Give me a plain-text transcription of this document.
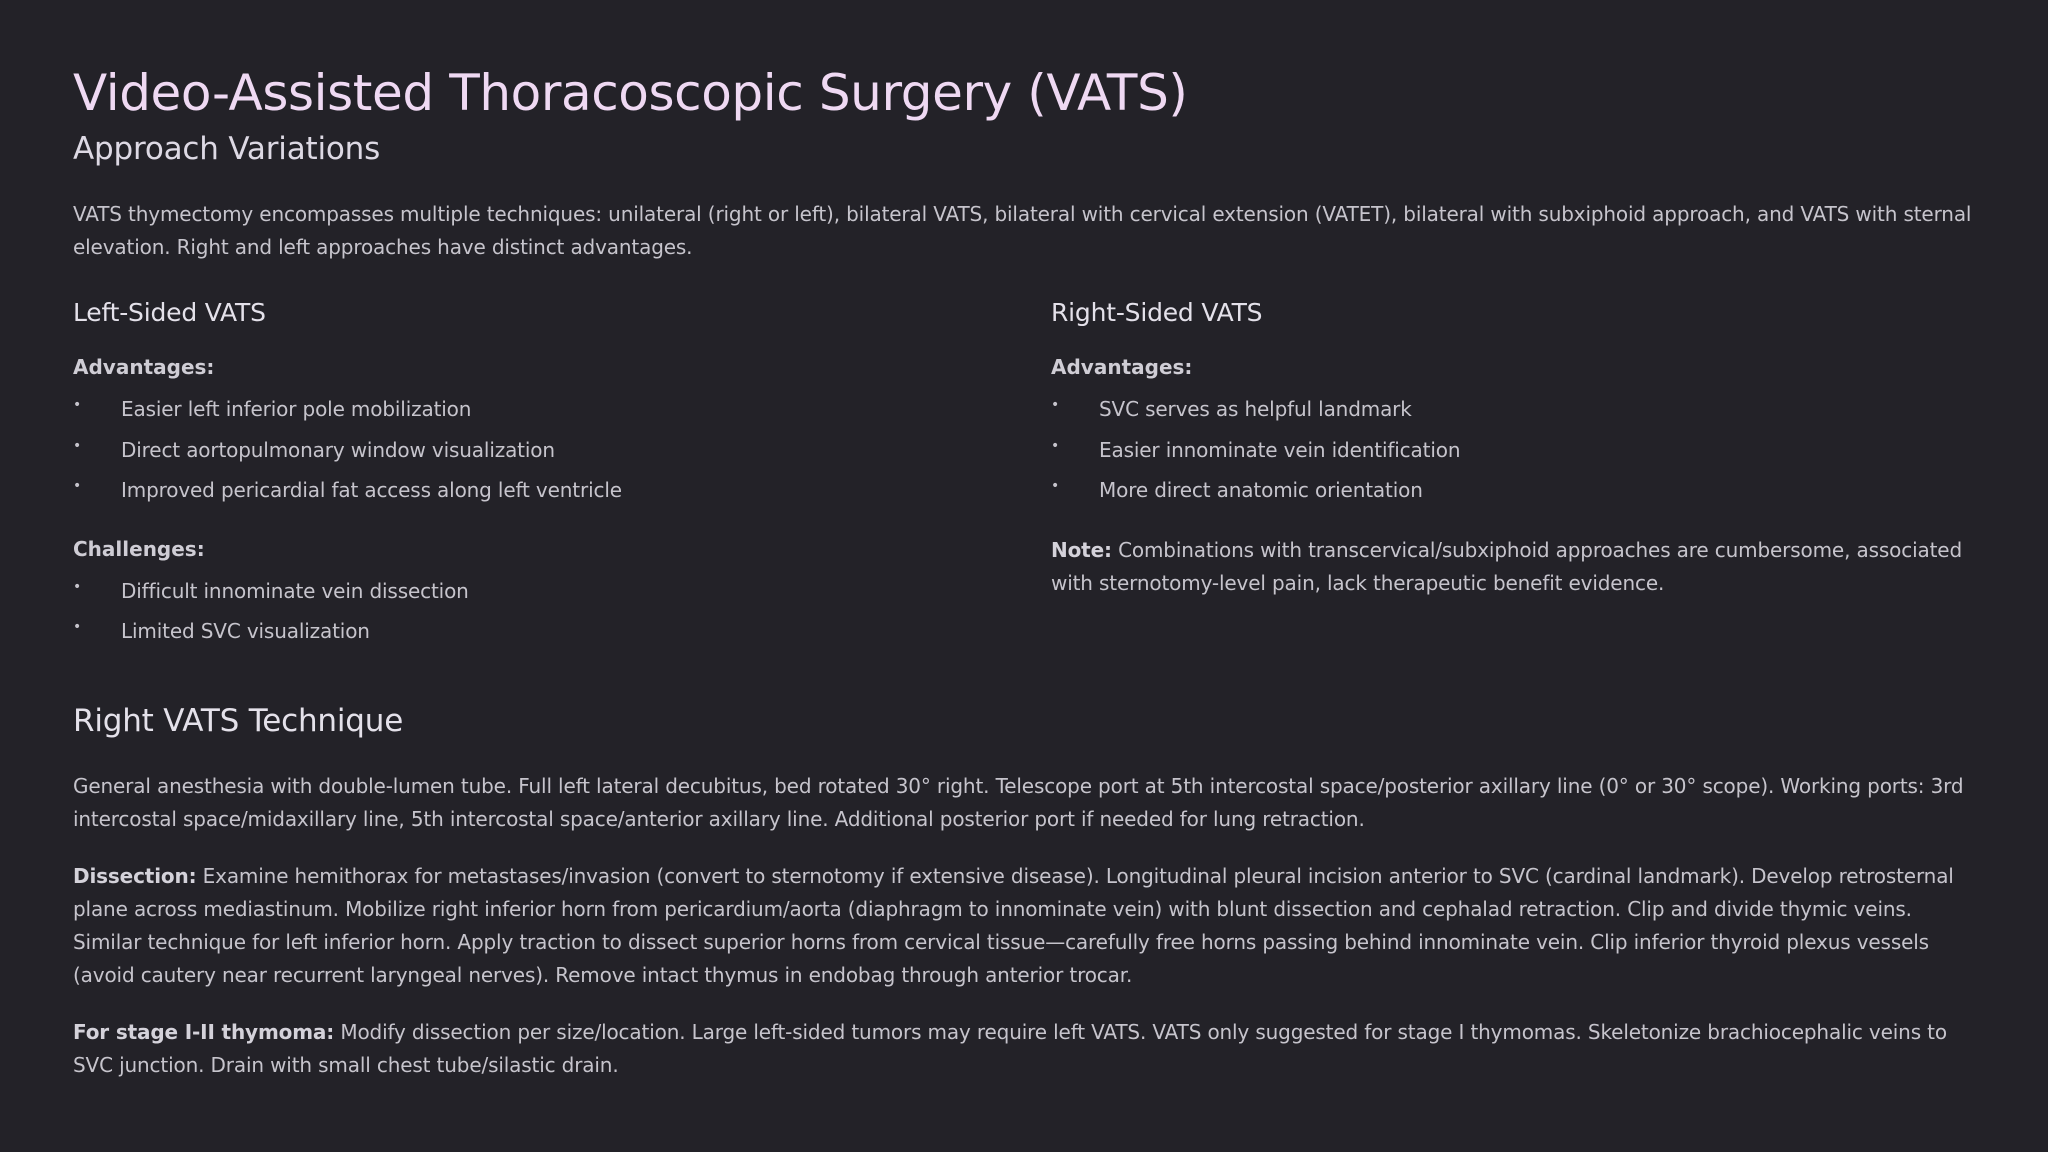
Video-Assisted Thoracoscopic Surgery (VATS)
Approach Variations

VATS thymectomy encompasses multiple techniques: unilateral (right or left), bilateral VATS, bilateral with cervical extension (VATET), bilateral with subxiphoid approach, and VATS with sternal elevation. Right and left approaches have distinct advantages.

Left-Sided VATS

Advantages:

• Easier left inferior pole mobilization
• Direct aortopulmonary window visualization
• Improved pericardial fat access along left ventricle

Challenges:

• Difficult innominate vein dissection
• Limited SVC visualization
Right-Sided VATS

Advantages:

• SVC serves as helpful landmark
• Easier innominate vein identification
• More direct anatomic orientation

Note: Combinations with transcervical/subxiphoid approaches are cumbersome, associated with sternotomy-level pain, lack therapeutic benefit evidence.

Right VATS Technique

General anesthesia with double-lumen tube. Full left lateral decubitus, bed rotated 30° right. Telescope port at 5th intercostal space/posterior axillary line (0° or 30° scope). Working ports: 3rd intercostal space/midaxillary line, 5th intercostal space/anterior axillary line. Additional posterior port if needed for lung retraction.

Dissection: Examine hemithorax for metastases/invasion (convert to sternotomy if extensive disease). Longitudinal pleural incision anterior to SVC (cardinal landmark). Develop retrosternal plane across mediastinum. Mobilize right inferior horn from pericardium/aorta (diaphragm to innominate vein) with blunt dissection and cephalad retraction. Clip and divide thymic veins. Similar technique for left inferior horn. Apply traction to dissect superior horns from cervical tissue—carefully free horns passing behind innominate vein. Clip inferior thyroid plexus vessels (avoid cautery near recurrent laryngeal nerves). Remove intact thymus in endobag through anterior trocar.

For stage I-II thymoma: Modify dissection per size/location. Large left-sided tumors may require left VATS. VATS only suggested for stage I thymomas. Skeletonize brachiocephalic veins to SVC junction. Drain with small chest tube/silastic drain.
